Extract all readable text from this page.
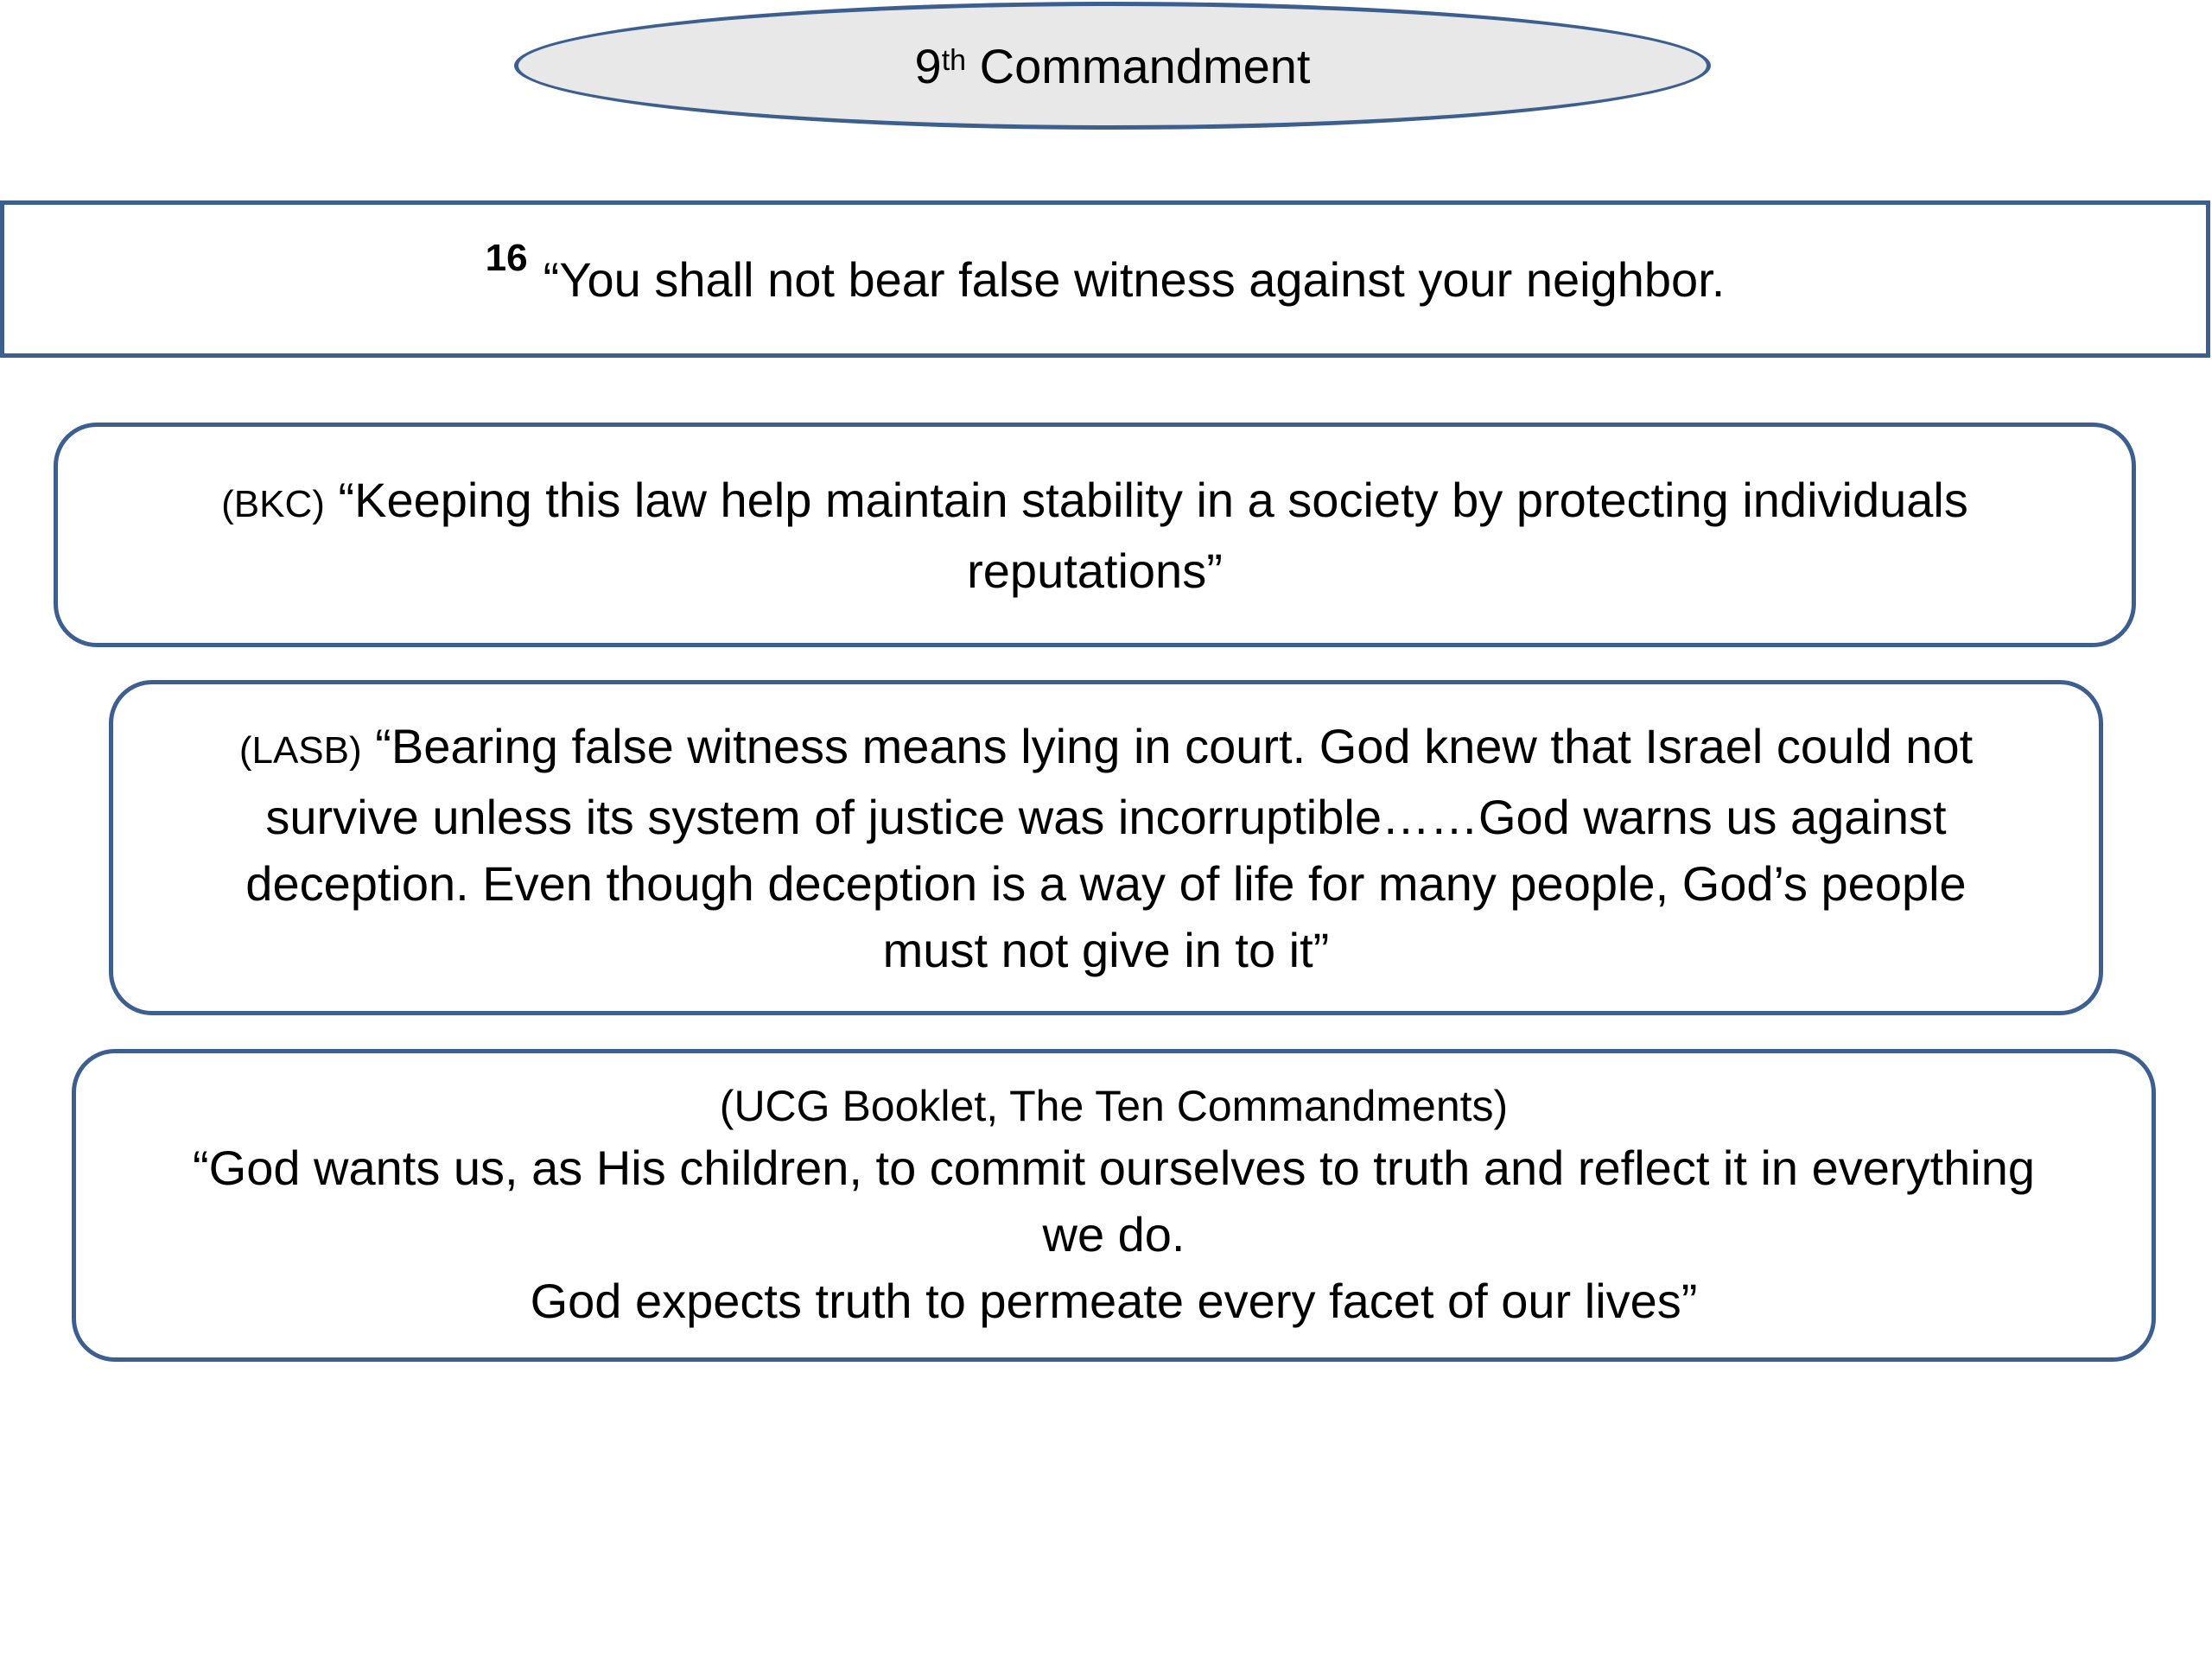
9th
Commandment
16 “You shall not bear false witness against your neighbor.
(BKC) “Keeping this law help maintain stability in a society by protecting individuals
reputations”
(LASB) “Bearing false witness means lying in court. God knew that Israel could not
survive unless its system of justice was incorruptible……God warns us against
deception. Even though deception is a way of life for many people, God’s people
must not give in to it”
(UCG Booklet, The Ten Commandments)
“God wants us, as His children, to commit ourselves to truth and reflect it in everything
we do.
God expects truth to permeate every facet of our lives”
